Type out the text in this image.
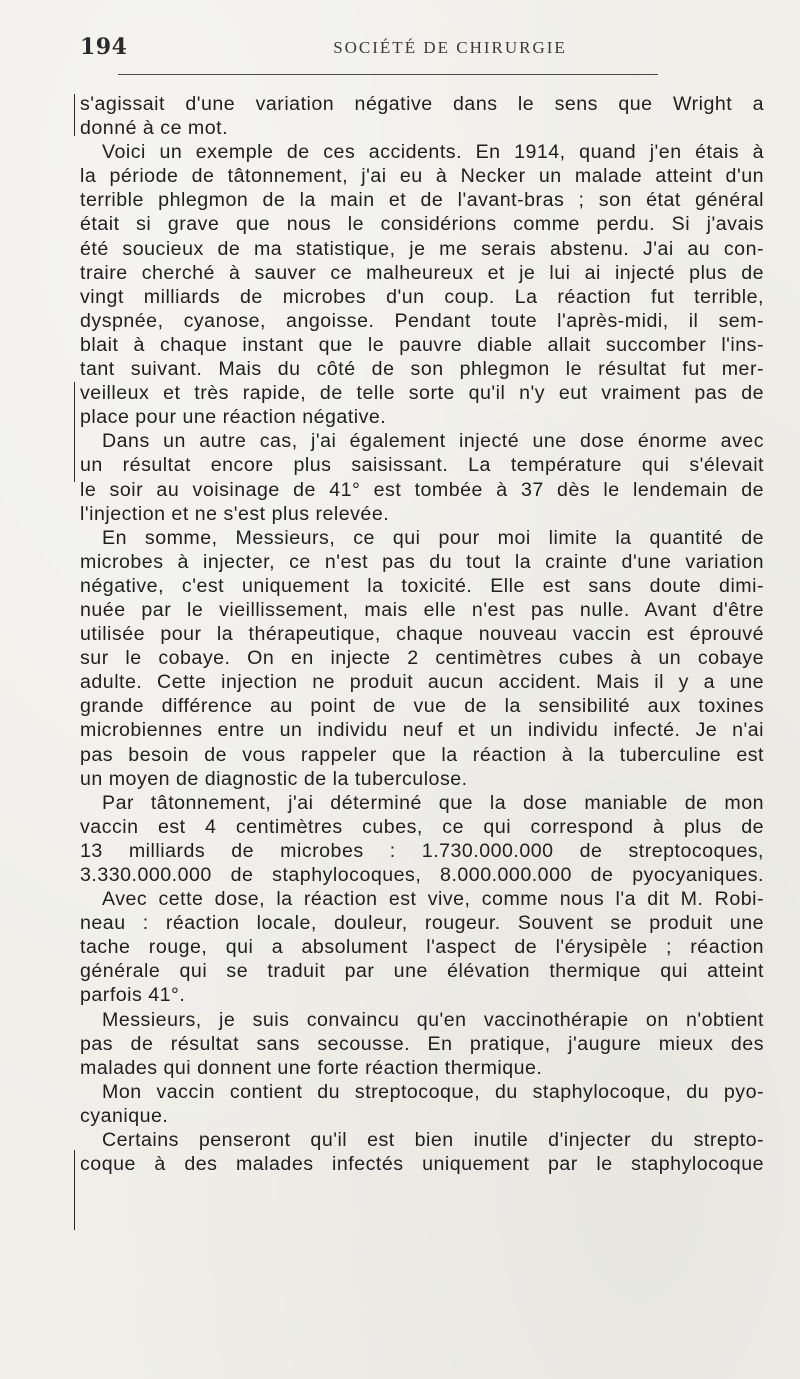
194	SOCIÉTÉ DE CHIRURGIE
s'agissait d'une variation négative dans le sens que Wright a
donné à ce mot.
Voici un exemple de ces accidents. En 1914, quand j'en étais à
la période de tâtonnement, j'ai eu à Necker un malade atteint d'un
terrible phlegmon de la main et de l'avant-bras ; son état général
était si grave que nous le considérions comme perdu. Si j'avais
été soucieux de ma statistique, je me serais abstenu. J'ai au con-
traire cherché à sauver ce malheureux et je lui ai injecté plus de
vingt milliards de microbes d'un coup. La réaction fut terrible,
dyspnée, cyanose, angoisse. Pendant toute l'après-midi, il sem-
blait à chaque instant que le pauvre diable allait succomber l'ins-
tant suivant. Mais du côté de son phlegmon le résultat fut mer-
veilleux et très rapide, de telle sorte qu'il n'y eut vraiment pas de
place pour une réaction négative.
Dans un autre cas, j'ai également injecté une dose énorme avec
un résultat encore plus saisissant. La température qui s'élevait
le soir au voisinage de 41° est tombée à 37 dès le lendemain de
l'injection et ne s'est plus relevée.
En somme, Messieurs, ce qui pour moi limite la quantité de
microbes à injecter, ce n'est pas du tout la crainte d'une variation
négative, c'est uniquement la toxicité. Elle est sans doute dimi-
nuée par le vieillissement, mais elle n'est pas nulle. Avant d'être
utilisée pour la thérapeutique, chaque nouveau vaccin est éprouvé
sur le cobaye. On en injecte 2 centimètres cubes à un cobaye
adulte. Cette injection ne produit aucun accident. Mais il y a une
grande différence au point de vue de la sensibilité aux toxines
microbiennes entre un individu neuf et un individu infecté. Je n'ai
pas besoin de vous rappeler que la réaction à la tuberculine est
un moyen de diagnostic de la tuberculose.
Par tâtonnement, j'ai déterminé que la dose maniable de mon
vaccin est 4 centimètres cubes, ce qui correspond à plus de
13 milliards de microbes : 1.730.000.000 de streptocoques,
3.330.000.000 de staphylocoques, 8.000.000.000 de pyocyaniques.
Avec cette dose, la réaction est vive, comme nous l'a dit M. Robi-
neau : réaction locale, douleur, rougeur. Souvent se produit une
tache rouge, qui a absolument l'aspect de l'érysipèle ; réaction
générale qui se traduit par une élévation thermique qui atteint
parfois 41°.
Messieurs, je suis convaincu qu'en vaccinothérapie on n'obtient
pas de résultat sans secousse. En pratique, j'augure mieux des
malades qui donnent une forte réaction thermique.
Mon vaccin contient du streptocoque, du staphylocoque, du pyo-
cyanique.
Certains penseront qu'il est bien inutile d'injecter du strepto-
coque à des malades infectés uniquement par le staphylocoque
